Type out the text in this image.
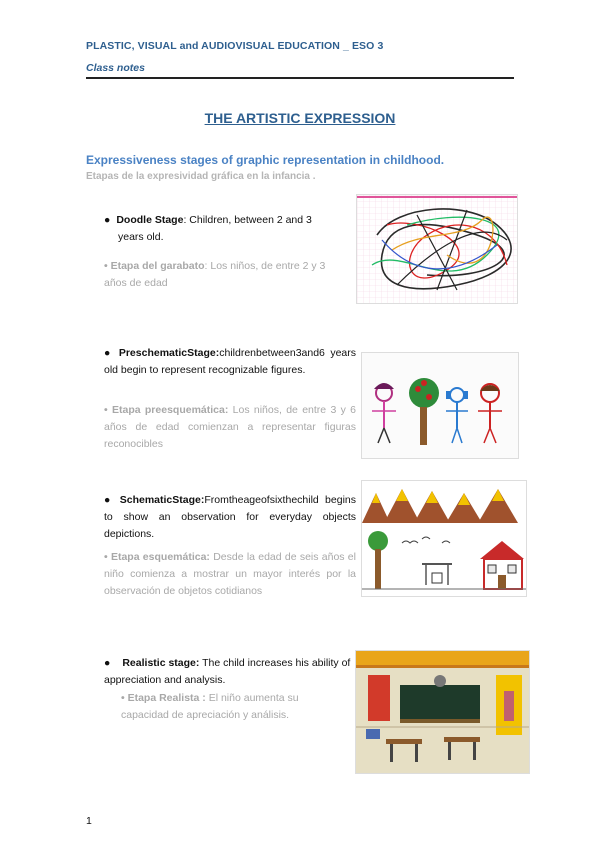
PLASTIC, VISUAL and AUDIOVISUAL EDUCATION _ ESO 3
Class notes
THE ARTISTIC EXPRESSION
Expressiveness stages of graphic representation in childhood.
Etapas de la expresividad gráfica en la infancia .
● Doodle Stage: Children, between 2 and 3
years old.
• Etapa del garabato: Los niños, de entre 2 y 3 años de edad
● PreschematicStage:childrenbetween3and6 years old begin to represent recognizable figures.
• Etapa preesquemática: Los niños, de entre 3 y 6 años de edad comienzan a representar figuras reconocibles
● SchematicStage:Fromtheageofsixthechild begins to show an observation for everyday objects depictions.
• Etapa esquemática: Desde la edad de seis años el niño comienza a mostrar un mayor interés por la observación de objetos cotidianos
● Realistic stage: The child increases his ability of appreciation and analysis.
• Etapa Realista : El niño aumenta su capacidad de apreciación y análisis.
1
